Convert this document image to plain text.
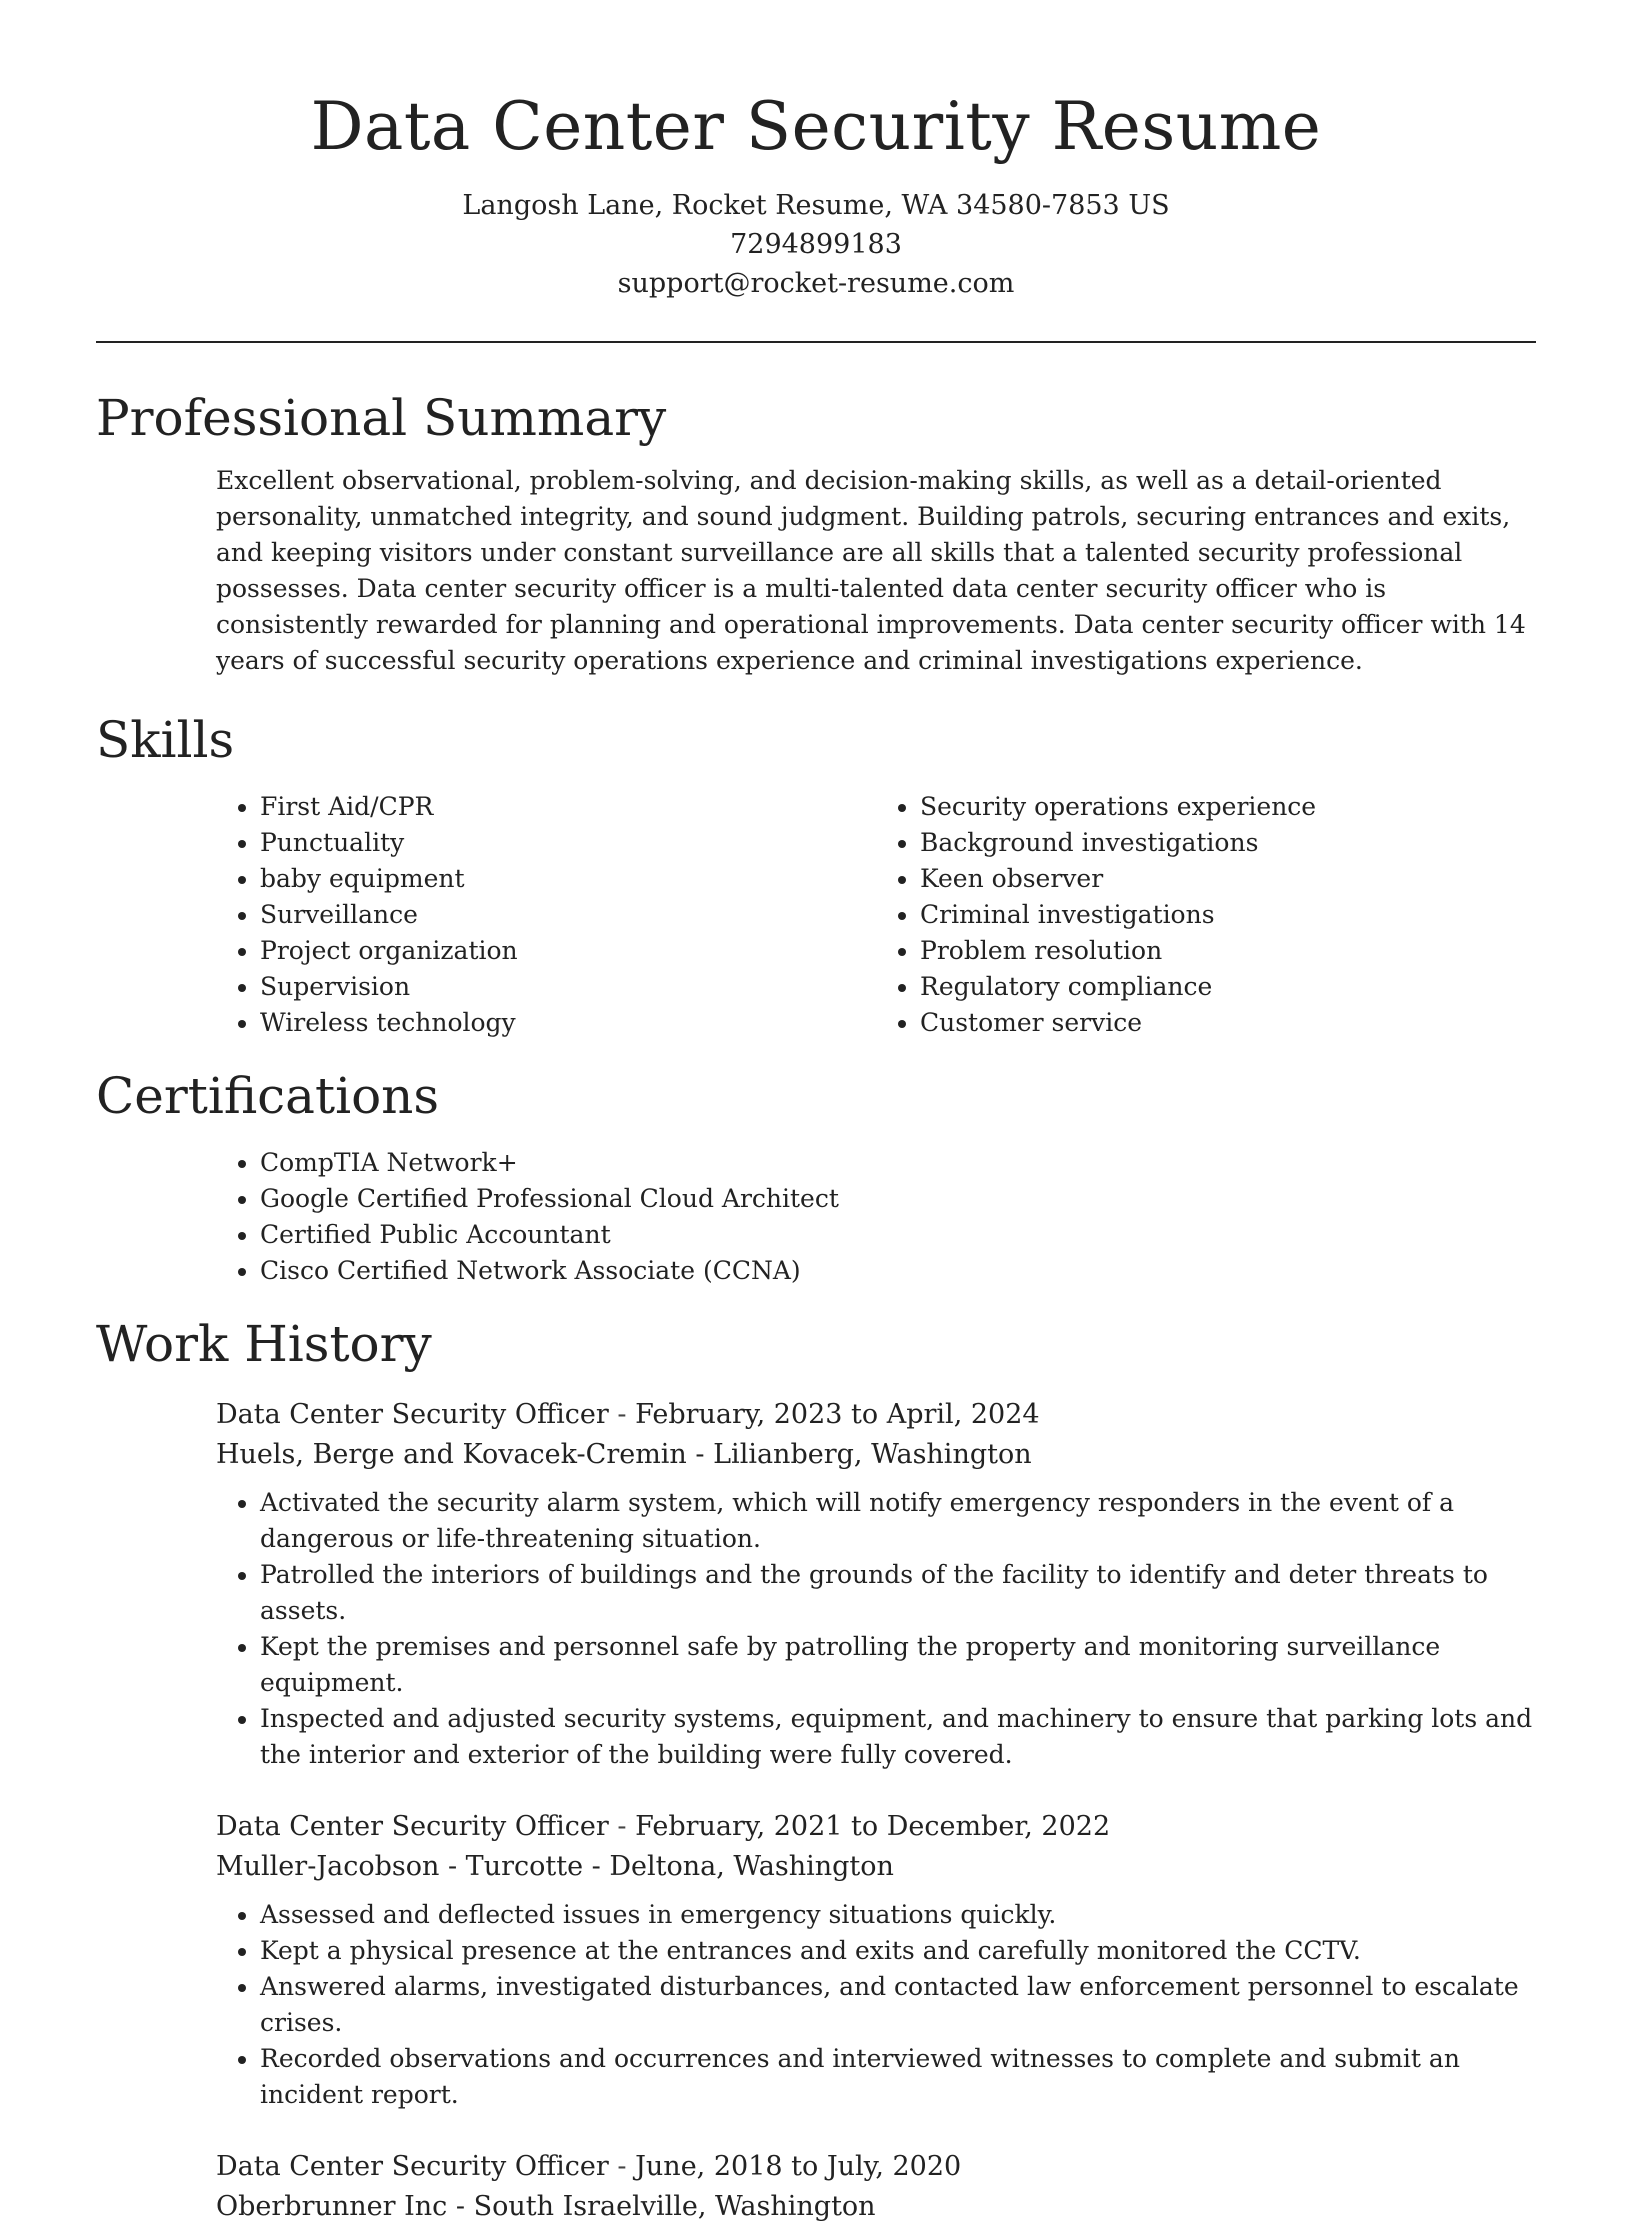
Data Center Security Resume
Langosh Lane, Rocket Resume, WA 34580-7853 US
7294899183
support@rocket-resume.com
Professional Summary

Excellent observational, problem-solving, and decision-making skills, as well as a detail-oriented personality, unmatched integrity, and sound judgment. Building patrols, securing entrances and exits, and keeping visitors under constant surveillance are all skills that a talented security professional possesses. Data center security officer is a multi-talented data center security officer who is consistently rewarded for planning and operational improvements. Data center security officer with 14 years of successful security operations experience and criminal investigations experience.

Skills
• First Aid/CPR
• Punctuality
• baby equipment
• Surveillance
• Project organization
• Supervision
• Wireless technology
• Security operations experience
• Background investigations
• Keen observer
• Criminal investigations
• Problem resolution
• Regulatory compliance
• Customer service
Certifications
• CompTIA Network+
• Google Certified Professional Cloud Architect
• Certified Public Accountant
• Cisco Certified Network Associate (CCNA)
Work History
Data Center Security Officer - February, 2023 to April, 2024
Huels, Berge and Kovacek-Cremin - Lilianberg, Washington
• Activated the security alarm system, which will notify emergency responders in the event of a dangerous or life-threatening situation.
• Patrolled the interiors of buildings and the grounds of the facility to identify and deter threats to assets.
• Kept the premises and personnel safe by patrolling the property and monitoring surveillance equipment.
• Inspected and adjusted security systems, equipment, and machinery to ensure that parking lots and the interior and exterior of the building were fully covered.
Data Center Security Officer - February, 2021 to December, 2022
Muller-Jacobson - Turcotte - Deltona, Washington
• Assessed and deflected issues in emergency situations quickly.
• Kept a physical presence at the entrances and exits and carefully monitored the CCTV.
• Answered alarms, investigated disturbances, and contacted law enforcement personnel to escalate crises.
• Recorded observations and occurrences and interviewed witnesses to complete and submit an incident report.
Data Center Security Officer - June, 2018 to July, 2020
Oberbrunner Inc - South Israelville, Washington
